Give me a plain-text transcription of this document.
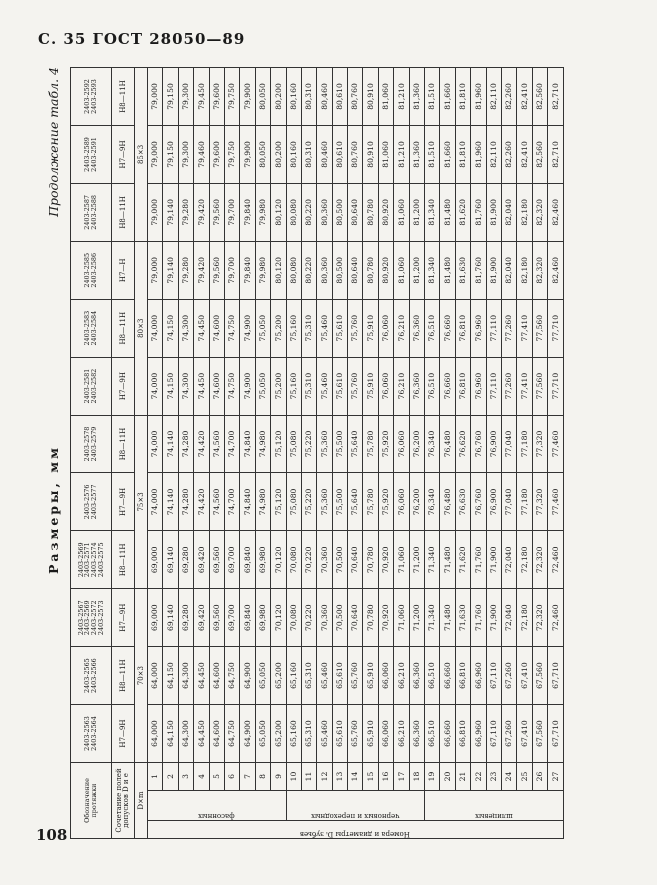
С. 35 ГОСТ 28050—89
Продолжение табл. 4
Размеры, мм
Обозначение протяжки			2403-2563 2403-2564	2403-2565 2403-2566	2403-2567 2403-2569 2403-2572 2403-2573	2403-2569 2403-2571 2403-2574 2403-2575	2403-2576 2403-2577	2403-2578 2403-2579	2403-2581 2403-2582	2403-2583 2403-2584	2403-2585 2403-2586	2403-2587 2403-2588	2403-2589 2403-2591	2403-2592 2403-2593
Сочетание полей допусков D и e			H7—9H	H8—11H	H7—9H	H8—11H	H7—9H	H8—11H	H7—9H	H8—11H	H7—H	H8—11H	H7—9H	H8—11H
D×m			70×3			75×3			80×3			85×3		

Номера и диаметры Dᵢ зубьев	фасонных	1	64,000	64,000	69,000	69,000	74,000	74,000	74,000	74,000	79,000	79,000	79,000	79,000
		2	64,150	64,150	69,140	69,140	74,140	74,140	74,150	74,150	79,140	79,140	79,150	79,150
		3	64,300	64,300	69,280	69,280	74,280	74,280	74,300	74,300	79,280	79,280	79,300	79,300
		4	64,450	64,450	69,420	69,420	74,420	74,420	74,450	74,450	79,420	79,420	79,460	79,450
		5	64,600	64,600	69,560	69,560	74,560	74,560	74,600	74,600	79,560	79,560	79,600	79,600
		6	64,750	64,750	69,700	69,700	74,700	74,700	74,750	74,750	79,700	79,700	79,750	79,750
		7	64,900	64,900	69,840	69,840	74,840	74,840	74,900	74,900	79,840	79,840	79,900	79,900
		8	65,050	65,050	69,980	69,980	74,980	74,980	75,050	75,050	79,980	79,980	80,050	80,050
		9	65,200	65,200	70,120	70,120	75,120	75,120	75,200	75,200	80,120	80,120	80,200	80,200

	черновых и переходных	10	65,160	65,160	70,080	70,080	75,080	75,080	75,160	75,160	80,080	80,080	80,160	80,160
		11	65,310	65,310	70,220	70,220	75,220	75,220	75,310	75,310	80,220	80,220	80,310	80,310
		12	65,460	65,460	70,360	70,360	75,360	75,360	75,460	75,460	80,360	80,360	80,460	80,460
		13	65,610	65,610	70,500	70,500	75,500	75,500	75,610	75,610	80,500	80,500	80,610	80,610
		14	65,760	65,760	70,640	70,640	75,640	75,640	75,760	75,760	80,640	80,640	80,760	80,760
		15	65,910	65,910	70,780	70,780	75,780	75,780	75,910	75,910	80,780	80,780	80,910	80,910
		16	66,060	66,060	70,920	70,920	75,920	75,920	76,060	76,060	80,920	80,920	81,060	81,060
		17	66,210	66,210	71,060	71,060	76,060	76,060	76,210	76,210	81,060	81,060	81,210	81,210
		18	66,360	66,360	71,200	71,200	76,200	76,200	76,360	76,360	81,200	81,200	81,360	81,360

	шлицевых	19	66,510	66,510	71,340	71,340	76,340	76,340	76,510	76,510	81,340	81,340	81,510	81,510
		20	66,660	66,660	71,480	71,480	76,480	76,480	76,660	76,660	81,480	81,480	81,660	81,660
		21	66,810	66,810	71,630	71,620	76,630	76,620	76,810	76,810	81,630	81,620	81,810	81,810
		22	66,960	66,960	71,760	71,760	76,760	76,760	76,960	76,960	81,760	81,760	81,960	81,960
		23	67,110	67,110	71,900	71,900	76,900	76,900	77,110	77,110	81,900	81,900	82,110	82,110
		24	67,260	67,260	72,040	72,040	77,040	77,040	77,260	77,260	82,040	82,040	82,260	82,260
		25	67,410	67,410	72,180	72,180	77,180	77,180	77,410	77,410	82,180	82,180	82,410	82,410
		26	67,560	67,560	72,320	72,320	77,320	77,320	77,560	77,560	82,320	82,320	82,560	82,560
		27	67,710	67,710	72,460	72,460	77,460	77,460	77,710	77,710	82,460	82,460	82,710	82,710
108
